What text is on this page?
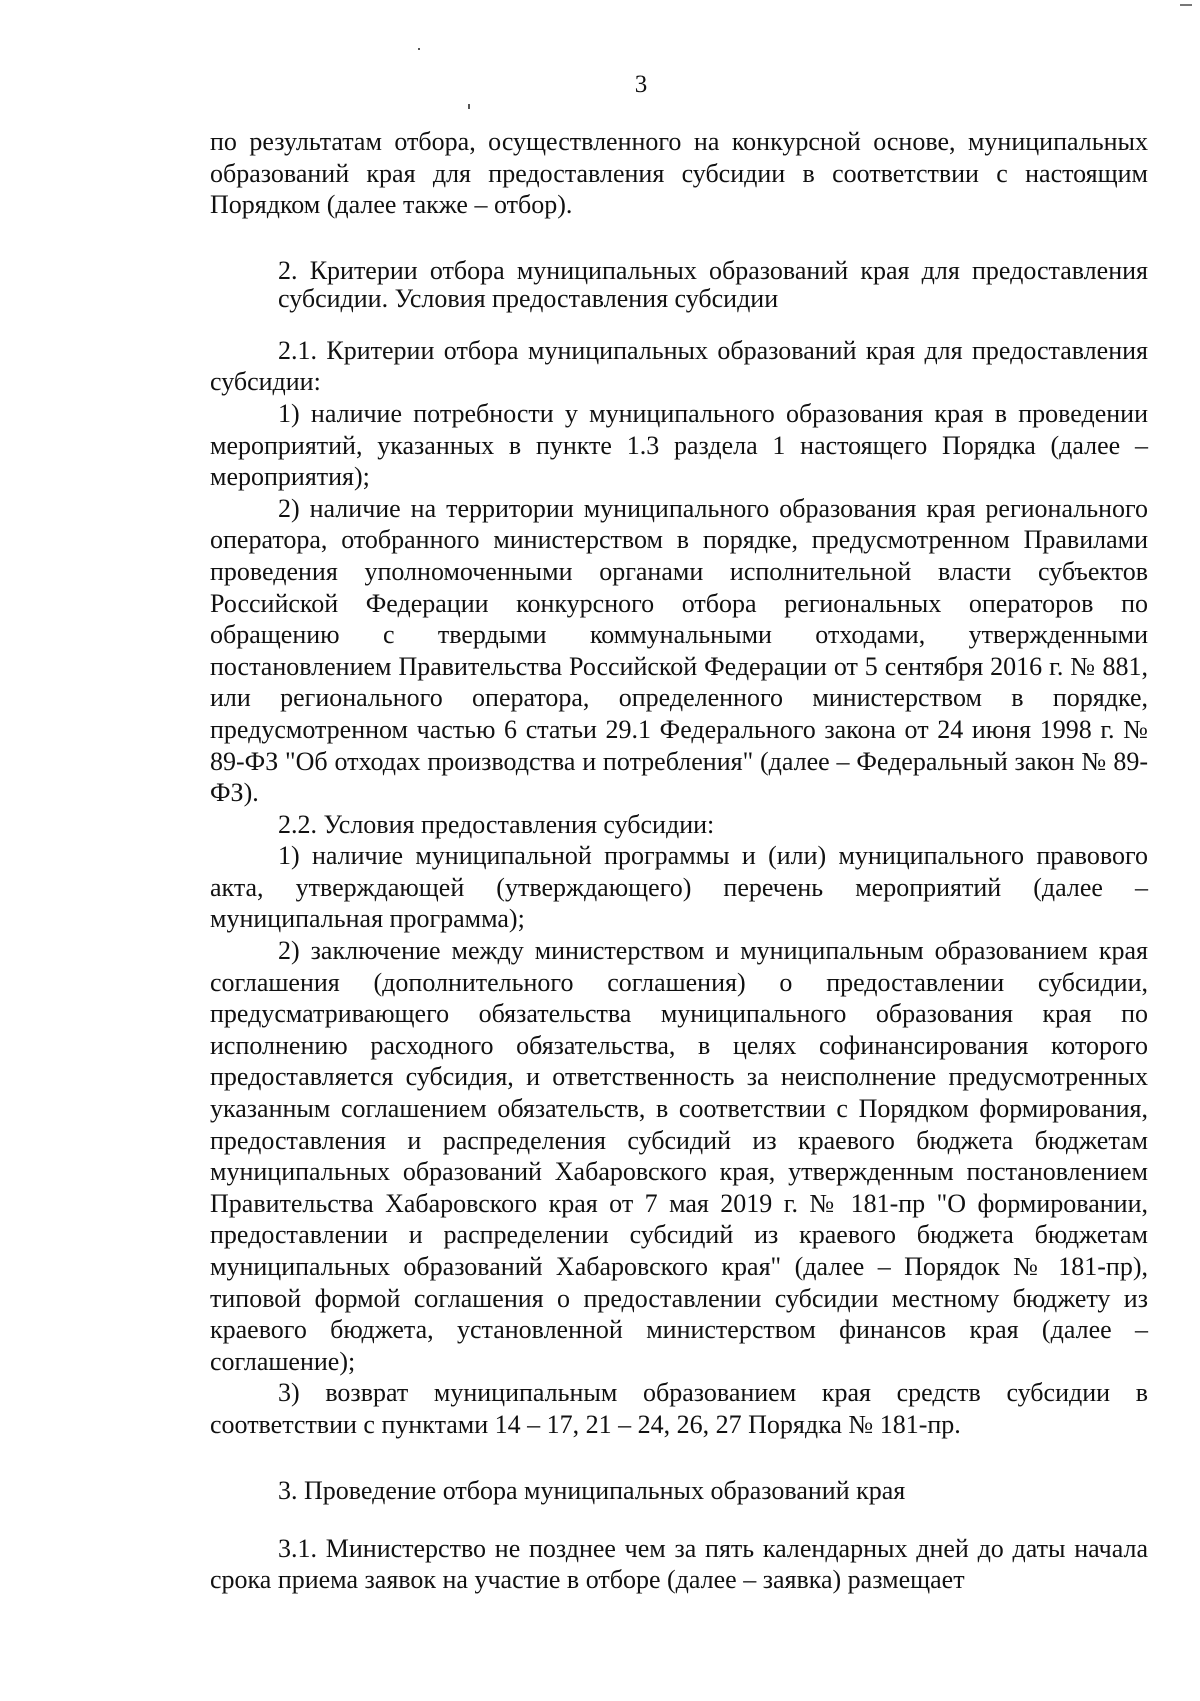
3

по результатам отбора, осуществленного на конкурсной основе, муниципальных образований края для предоставления субсидии в соответствии с настоящим Порядком (далее также – отбор).

2. Критерии отбора муниципальных образований края для предоставления субсидии. Условия предоставления субсидии

2.1. Критерии отбора муниципальных образований края для предоставления субсидии:

1) наличие потребности у муниципального образования края в проведении мероприятий, указанных в пункте 1.3 раздела 1 настоящего Порядка (далее – мероприятия);

2) наличие на территории муниципального образования края регионального оператора, отобранного министерством в порядке, предусмотренном Правилами проведения уполномоченными органами исполнительной власти субъектов Российской Федерации конкурсного отбора региональных операторов по обращению с твердыми коммунальными отходами, утвержденными постановлением Правительства Российской Федерации от 5 сентября 2016 г. № 881, или регионального оператора, определенного министерством в порядке, предусмотренном частью 6 статьи 29.1 Федерального закона от 24 июня 1998 г. № 89-ФЗ "Об отходах производства и потребления" (далее – Федеральный закон № 89-ФЗ).

2.2. Условия предоставления субсидии:

1) наличие муниципальной программы и (или) муниципального правового акта, утверждающей (утверждающего) перечень мероприятий (далее – муниципальная программа);

2) заключение между министерством и муниципальным образованием края соглашения (дополнительного соглашения) о предоставлении субсидии, предусматривающего обязательства муниципального образования края по исполнению расходного обязательства, в целях софинансирования которого предоставляется субсидия, и ответственность за неисполнение предусмотренных указанным соглашением обязательств, в соответствии с Порядком формирования, предоставления и распределения субсидий из краевого бюджета бюджетам муниципальных образований Хабаровского края, утвержденным постановлением Правительства Хабаровского края от 7 мая 2019 г. № 181-пр "О формировании, предоставлении и распределении субсидий из краевого бюджета бюджетам муниципальных образований Хабаровского края" (далее – Порядок № 181-пр), типовой формой соглашения о предоставлении субсидии местному бюджету из краевого бюджета, установленной министерством финансов края (далее – соглашение);

3) возврат муниципальным образованием края средств субсидии в соответствии с пунктами 14 – 17, 21 – 24, 26, 27 Порядка № 181-пр.

3. Проведение отбора муниципальных образований края

3.1. Министерство не позднее чем за пять календарных дней до даты начала срока приема заявок на участие в отборе (далее – заявка) размещает
